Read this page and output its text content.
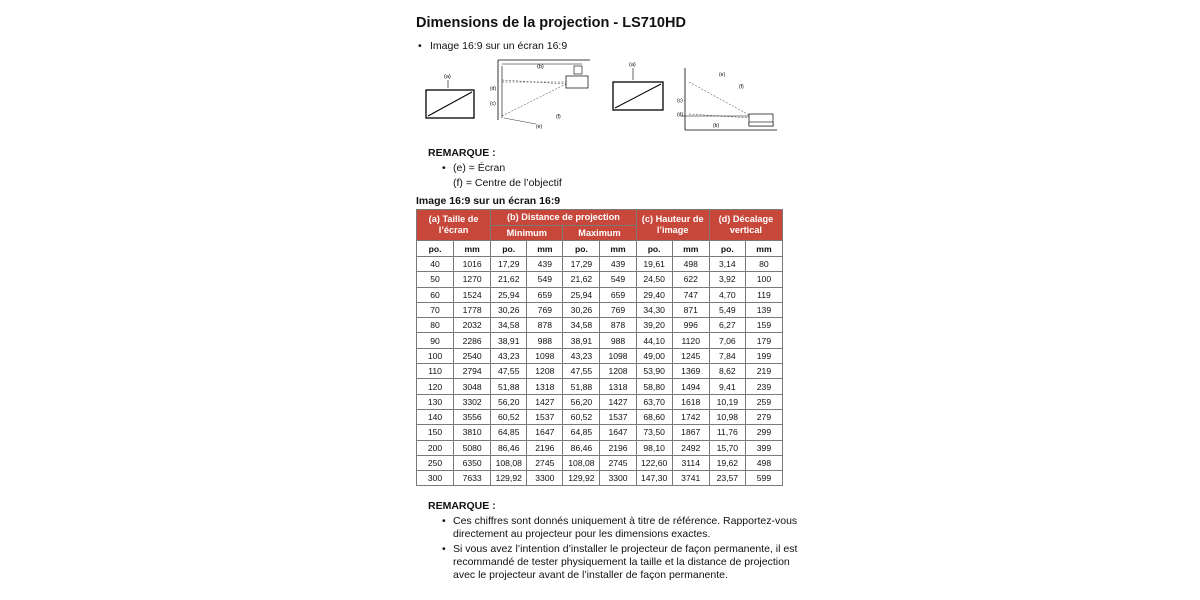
Dimensions de la projection - LS710HD
• Image 16:9 sur un écran 16:9
(a)
(b)
(d)
(c)
(f)
(e)
(a)
(e)
(f)
(c)
(d)
(b)
REMARQUE :
• (e) = Écran
(f) = Centre de l’objectif
Image 16:9 sur un écran 16:9
(a) Taille de l’écran		(b) Distance de projection				(c) Hauteur de l’image		(d) Décalage vertical	
		Minimum		Maximum					
po.	mm	po.	mm	po.	mm	po.	mm	po.	mm
40	1016	17,29	439	17,29	439	19,61	498	3,14	80
50	1270	21,62	549	21,62	549	24,50	622	3,92	100
60	1524	25,94	659	25,94	659	29,40	747	4,70	119
70	1778	30,26	769	30,26	769	34,30	871	5,49	139
80	2032	34,58	878	34,58	878	39,20	996	6,27	159
90	2286	38,91	988	38,91	988	44,10	1120	7,06	179
100	2540	43,23	1098	43,23	1098	49,00	1245	7,84	199
110	2794	47,55	1208	47,55	1208	53,90	1369	8,62	219
120	3048	51,88	1318	51,88	1318	58,80	1494	9,41	239
130	3302	56,20	1427	56,20	1427	63,70	1618	10,19	259
140	3556	60,52	1537	60,52	1537	68,60	1742	10,98	279
150	3810	64,85	1647	64,85	1647	73,50	1867	11,76	299
200	5080	86,46	2196	86,46	2196	98,10	2492	15,70	399
250	6350	108,08	2745	108,08	2745	122,60	3114	19,62	498
300	7633	129,92	3300	129,92	3300	147,30	3741	23,57	599
REMARQUE :
• Ces chiffres sont donnés uniquement à titre de référence. Rapportez-vous
directement au projecteur pour les dimensions exactes.
• Si vous avez l’intention d’installer le projecteur de façon permanente, il est
recommandé de tester physiquement la taille et la distance de projection
avec le projecteur avant de l’installer de façon permanente.
